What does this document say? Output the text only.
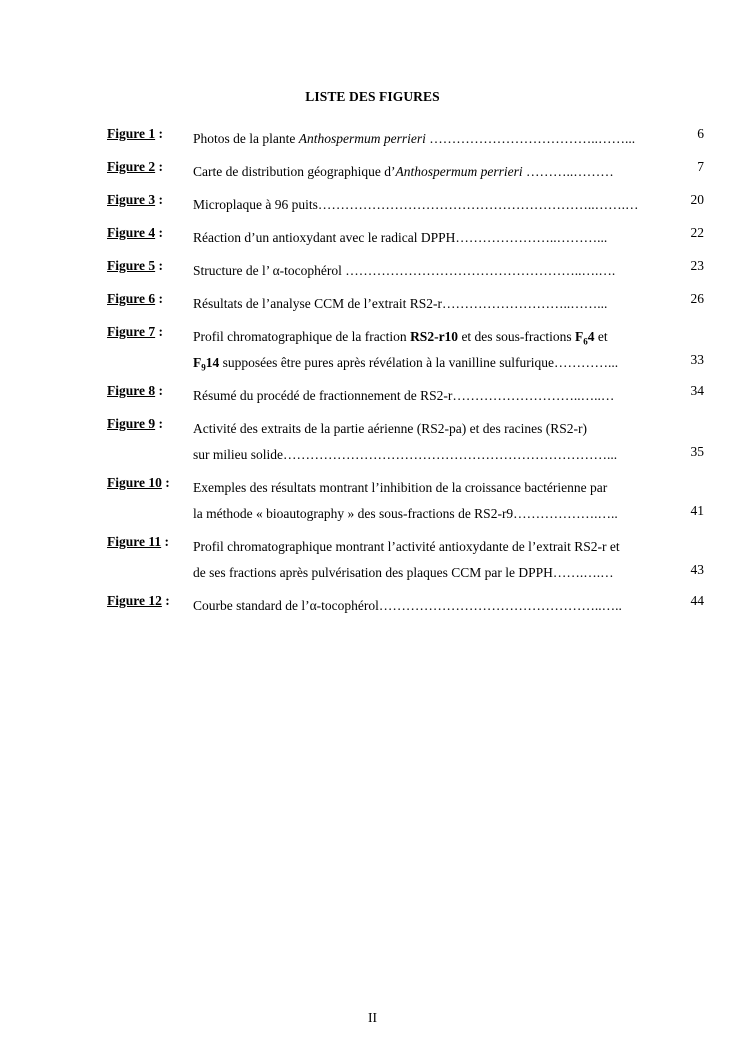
LISTE DES FIGURES
Figure 1 : Photos de la plante Anthospermum perrieri ………………………………..……...	6
Figure 2 : Carte de distribution géographique d’Anthospermum perrieri ………..………	7
Figure 3 : Microplaque à 96 puits……………………………………………………..…….…	20
Figure 4 : Réaction d’un antioxydant avec le radical DPPH…………………..………...	22
Figure 5 : Structure de l’ α-tocophérol ……………………………………………..….….	23
Figure 6 : Résultats de l’analyse CCM de l’extrait RS2-r………………………..……...	26
Figure 7 : Profil chromatographique de la fraction RS2-r10 et des sous-fractions $F_64$ et
$F_914$ supposées être pures après révélation à la vanilline sulfurique…………...	33
Figure 8 : Résumé du procédé de fractionnement de RS2-r………………………..…..…	34
Figure 9 : Activité des extraits de la partie aérienne (RS2-pa) et des racines (RS2-r)
sur milieu solide………………………………………………………………...	35
Figure 10 : Exemples des résultats montrant l’inhibition de la croissance bactérienne par
la méthode « bioautography » des sous-fractions de RS2-r9……………….…..	41
Figure 11 : Profil chromatographique montrant l’activité antioxydante de l’extrait RS2-r et
de ses fractions après pulvérisation des plaques CCM par le DPPH…….….…	43
Figure 12 : Courbe standard de l’α-tocophérol…………………………………………..…..	44
II
